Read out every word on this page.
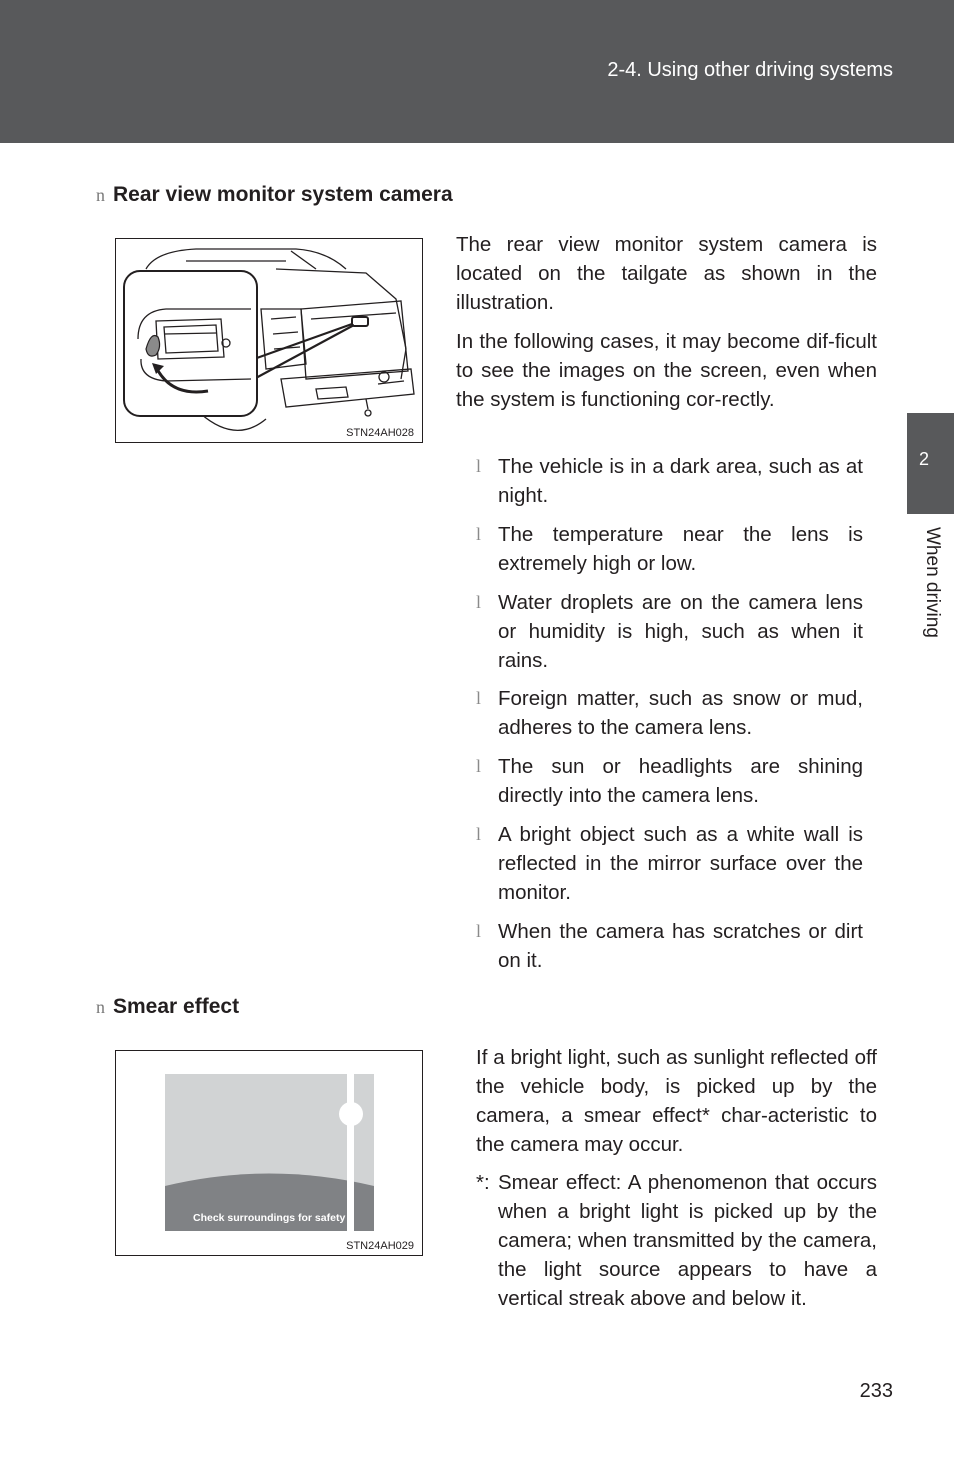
2-4. Using other driving systems
2
When driving
n Rear view monitor system camera
STN24AH028
The rear view monitor system camera is located on the tailgate as shown in the illustration.
In the following cases, it may become dif-ficult to see the images on the screen, even when the system is functioning cor-rectly.
l The vehicle is in a dark area, such as at night.
l The temperature near the lens is extremely high or low.
l Water droplets are on the camera lens or humidity is high, such as when it rains.
l Foreign matter, such as snow or mud, adheres to the camera lens.
l The sun or headlights are shining directly into the camera lens.
l A bright object such as a white wall is reflected in the mirror surface over the monitor.
l When the camera has scratches or dirt on it.
n Smear effect
Check surroundings for safety
STN24AH029
If a bright light, such as sunlight reflected off the vehicle body, is picked up by the camera, a smear effect* char-acteristic to the camera may occur.
*: Smear effect: A phenomenon that occurs when a bright light is picked up by the camera; when transmitted by the camera, the light source appears to have a vertical streak above and below it.
233
